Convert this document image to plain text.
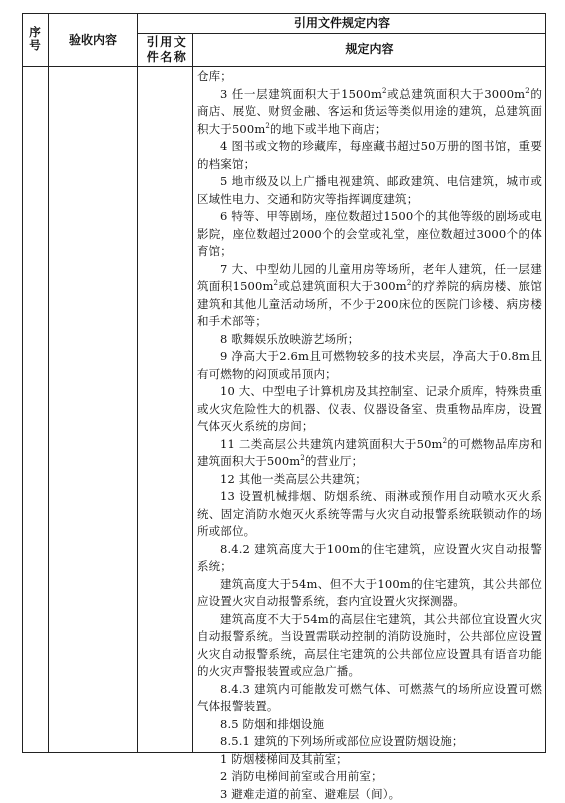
序号	验收内容
引用文件规定内容
引用文件名称
规定内容

仓库；

3 任一层建筑面积大于$1500m^2$或总建筑面积大于$3000m^2$的商店、展览、财贸金融、客运和货运等类似用途的建筑，总建筑面积大于$500m^2$的地下或半地下商店；

4 图书或文物的珍藏库，每座藏书超过50万册的图书馆，重要的档案馆；

5 地市级及以上广播电视建筑、邮政建筑、电信建筑，城市或区域性电力、交通和防灾等指挥调度建筑；

6 特等、甲等剧场，座位数超过1500个的其他等级的剧场或电影院，座位数超过2000个的会堂或礼堂，座位数超过3000个的体育馆；

7 大、中型幼儿园的儿童用房等场所，老年人建筑，任一层建筑面积$1500m^2$或总建筑面积大于$300m^2$的疗养院的病房楼、旅馆建筑和其他儿童活动场所，不少于200床位的医院门诊楼、病房楼和手术部等；

8 歌舞娱乐放映游艺场所；

9 净高大于2.6m且可燃物较多的技术夹层，净高大于0.8m且有可燃物的闷顶或吊顶内；

10 大、中型电子计算机房及其控制室、记录介质库，特殊贵重或火灾危险性大的机器、仪表、仪器设备室、贵重物品库房，设置气体灭火系统的房间；

11 二类高层公共建筑内建筑面积大于$50m^2$的可燃物品库房和建筑面积大于$500m^2$的营业厅；

12 其他一类高层公共建筑；

13 设置机械排烟、防烟系统、雨淋或预作用自动喷水灭火系统、固定消防水炮灭火系统等需与火灾自动报警系统联锁动作的场所或部位。

8.4.2 建筑高度大于100m的住宅建筑，应设置火灾自动报警系统；

建筑高度大于54m、但不大于100m的住宅建筑，其公共部位应设置火灾自动报警系统，套内宜设置火灾探测器。

建筑高度不大于54m的高层住宅建筑，其公共部位宜设置火灾自动报警系统。当设置需联动控制的消防设施时，公共部位应设置火灾自动报警系统，高层住宅建筑的公共部位应设置具有语音功能的火灾声警报装置或应急广播。

8.4.3 建筑内可能散发可燃气体、可燃蒸气的场所应设置可燃气体报警装置。

8.5 防烟和排烟设施

8.5.1 建筑的下列场所或部位应设置防烟设施；

1 防烟楼梯间及其前室；

2 消防电梯间前室或合用前室；

3 避难走道的前室、避难层（间）。
